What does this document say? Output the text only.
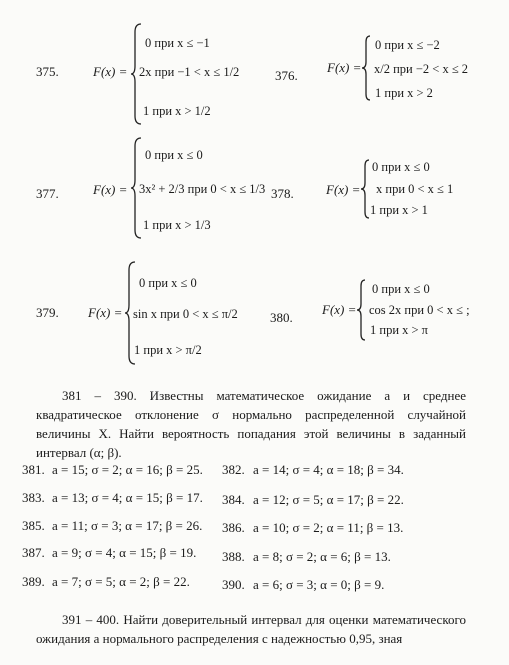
375.	F(x) =
0 при x ≤ −1
2x при −1 < x ≤ 1/2
1 при x > 1/2
376.
F(x) =
0 при x ≤ −2
x/2 при −2 < x ≤ 2
1 при x > 2
377.	F(x) =
0 при x ≤ 0
3x² + 2/3 при 0 < x ≤ 1/3
1 при x > 1/3
378. F(x) =
0 при x ≤ 0
x при 0 < x ≤ 1
1 при x > 1
379. F(x) =
0 при x ≤ 0
sin x при 0 < x ≤ π/2
1 при x > π/2
380.
F(x) =
0 при x ≤ 0
cos 2x при 0 < x ≤ ;
1 при x > π
381 – 390. Известны математическое ожидание a и среднее квадратическое отклонение σ нормально распределенной случайной величины X. Найти вероятность попадания этой величины в заданный интервал (α; β).
381. a = 15; σ = 2; α = 16; β = 25. 382. a = 14; σ = 4; α = 18; β = 34.
383. a = 13; σ = 4; α = 15; β = 17. 384. a = 12; σ = 5; α = 17; β = 22.
385. a = 11; σ = 3; α = 17; β = 26. 386. a = 10; σ = 2; α = 11; β = 13.
387. a = 9; σ = 4; α = 15; β = 19. 388. a = 8; σ = 2; α = 6; β = 13.
389. a = 7; σ = 5; α = 2; β = 22. 390. a = 6; σ = 3; α = 0; β = 9.
391 – 400. Найти доверительный интервал для оценки математического ожидания a нормального распределения с надежностью 0,95, зная
